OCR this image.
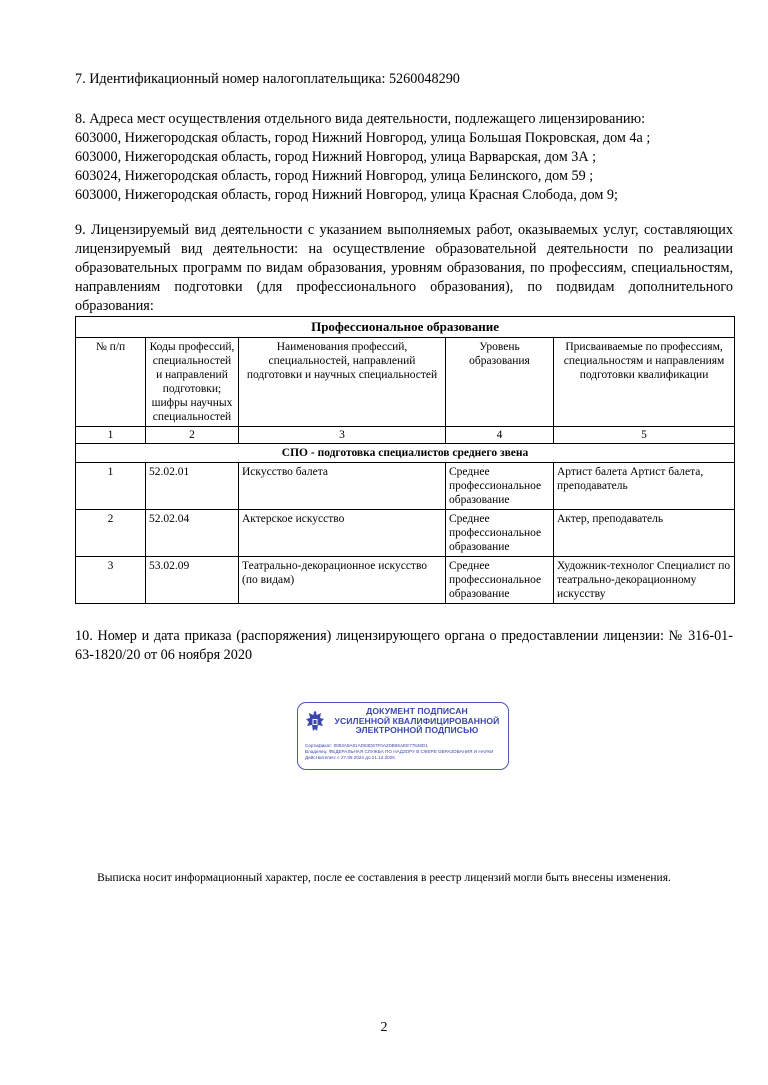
7. Идентификационный номер налогоплательщика: 5260048290
8. Адреса мест осуществления отдельного вида деятельности, подлежащего лицензированию:
603000, Нижегородская область, город Нижний Новгород, улица Большая Покровская, дом 4а ;
603000, Нижегородская область, город Нижний Новгород, улица Варварская, дом 3А ;
603024, Нижегородская область, город Нижний Новгород, улица Белинского, дом 59 ;
603000, Нижегородская область, город Нижний Новгород, улица Красная Слобода, дом 9;
9. Лицензируемый вид деятельности с указанием выполняемых работ, оказываемых услуг, составляющих лицензируемый вид деятельности: на осуществление образовательной деятельности по реализации образовательных программ по видам образования, уровням образования, по профессиям, специальностям, направлениям подготовки (для профессионального образования), по подвидам дополнительного образования:
Профессиональное образование				
№ п/п	Коды профессий, специальностей и направлений подготовки; шифры научных специальностей	Наименования профессий, специальностей, направлений подготовки и научных специальностей	Уровень образования	Присваиваемые по профессиям, специальностям и направлениям подготовки квалификации
1	2	3	4	5
СПО - подготовка специалистов среднего звена				
1	52.02.01	Искусство балета	Среднее профессиональное образование	Артист балета Артист балета, преподаватель
2	52.02.04	Актерское искусство	Среднее профессиональное образование	Актер, преподаватель
3	53.02.09	Театрально-декорационное искусство (по видам)	Среднее профессиональное образование	Художник-технолог Специалист по театрально-декорационному искусству
10. Номер и дата приказа (распоряжения) лицензирующего органа о предоставлении лицензии: № 316-01-63-1820/20 от 06 ноября 2020
ДОКУМЕНТ ПОДПИСАН
УСИЛЕННОЙ КВАЛИФИЦИРОВАННОЙ
ЭЛЕКТРОННОЙ ПОДПИСЬЮ
Сертификат: 0083A9A81AD63D67F0A2DB66AEE77526D1
Владелец: ФЕДЕРАЛЬНАЯ СЛУЖБА ПО НАДЗОРУ В СФЕРЕ ОБРАЗОВАНИЯ И НАУКИ
Действителен: с 27.09.2024 до 21.12.2025
Выписка носит информационный характер, после ее составления в реестр лицензий могли быть внесены изменения.
2
